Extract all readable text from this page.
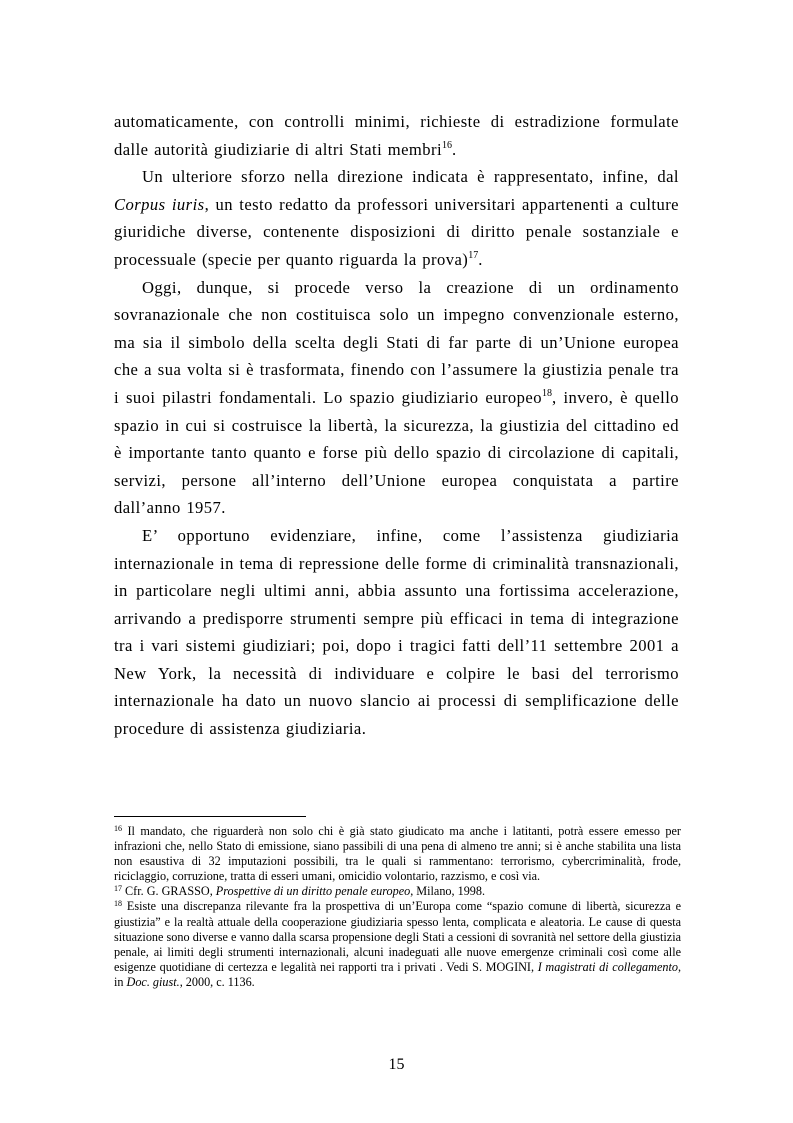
automaticamente, con controlli minimi, richieste di estradizione formulate dalle autorità giudiziarie di altri Stati membri$^{16}$.

Un ulteriore sforzo nella direzione indicata è rappresentato, infine, dal Corpus iuris, un testo redatto da professori universitari appartenenti a culture giuridiche diverse, contenente disposizioni di diritto penale sostanziale e processuale (specie per quanto riguarda la prova)$^{17}$.

Oggi, dunque, si procede verso la creazione di un ordinamento sovranazionale che non costituisca solo un impegno convenzionale esterno, ma sia il simbolo della scelta degli Stati di far parte di un’Unione europea che a sua volta si è trasformata, finendo con l’assumere la giustizia penale tra i suoi pilastri fondamentali. Lo spazio giudiziario europeo$^{18}$, invero, è quello spazio in cui si costruisce la libertà, la sicurezza, la giustizia del cittadino ed è importante tanto quanto e forse più dello spazio di circolazione di capitali, servizi, persone all’interno dell’Unione europea conquistata a partire dall’anno 1957.

E’ opportuno evidenziare, infine, come l’assistenza giudiziaria internazionale in tema di repressione delle forme di criminalità transnazionali, in particolare negli ultimi anni, abbia assunto una fortissima accelerazione, arrivando a predisporre strumenti sempre più efficaci in tema di integrazione tra i vari sistemi giudiziari; poi, dopo i tragici fatti dell’11 settembre 2001 a New York, la necessità di individuare e colpire le basi del terrorismo internazionale ha dato un nuovo slancio ai processi di semplificazione delle procedure di assistenza giudiziaria.

$^{16}$ Il mandato, che riguarderà non solo chi è già stato giudicato ma anche i latitanti, potrà essere emesso per infrazioni che, nello Stato di emissione, siano passibili di una pena di almeno tre anni; si è anche stabilita una lista non esaustiva di 32 imputazioni possibili, tra le quali si rammentano: terrorismo, cybercriminalità, frode, riciclaggio, corruzione, tratta di esseri umani, omicidio volontario, razzismo, e così via.

$^{17}$ Cfr. G. GRASSO, Prospettive di un diritto penale europeo, Milano, 1998.

$^{18}$ Esiste una discrepanza rilevante fra la prospettiva di un’Europa come “spazio comune di libertà, sicurezza e giustizia” e la realtà attuale della cooperazione giudiziaria spesso lenta, complicata e aleatoria. Le cause di questa situazione sono diverse e vanno dalla scarsa propensione degli Stati a cessioni di sovranità nel settore della giustizia penale, ai limiti degli strumenti internazionali, alcuni inadeguati alle nuove emergenze criminali così come alle esigenze quotidiane di certezza e legalità nei rapporti tra i privati . Vedi S. MOGINI, I magistrati di collegamento, in Doc. giust., 2000, c. 1136.

15
